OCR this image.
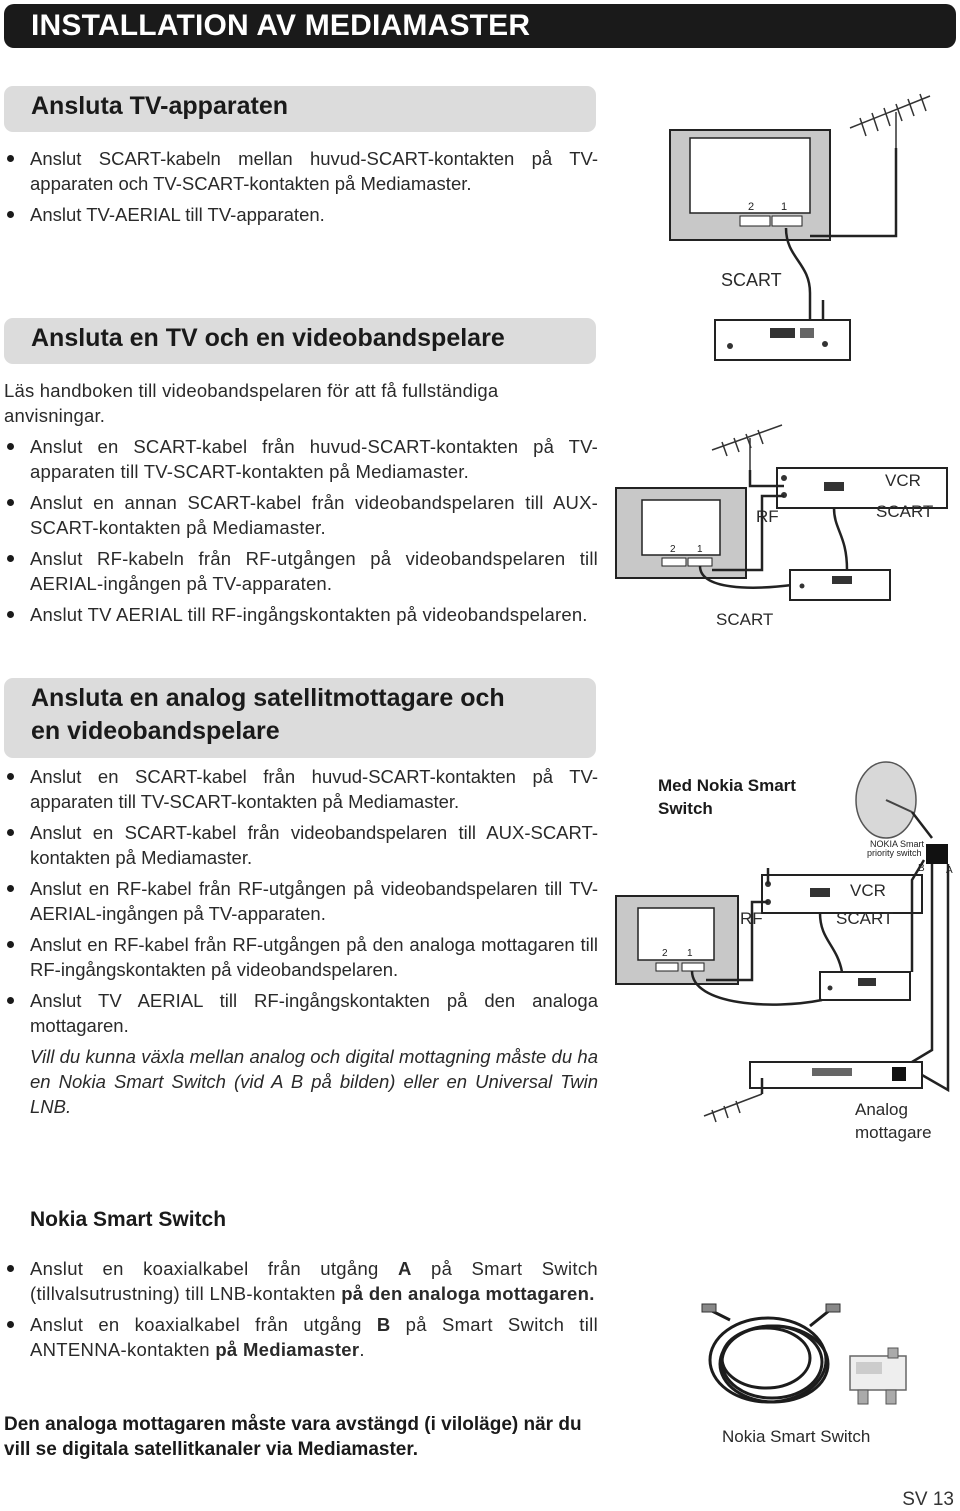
INSTALLATION AV MEDIAMASTER
Ansluta TV-apparaten
Anslut SCART-kabeln mellan huvud-SCART-kontakten på TV-apparaten och TV-SCART-kontakten på Mediamaster.
Anslut TV-AERIAL till TV-apparaten.
Ansluta en TV och en videobandspelare

Läs handboken till videobandspelaren för att få fullständiga anvisningar.

Anslut en SCART-kabel från huvud-SCART-kontakten på TV-apparaten till TV-SCART-kontakten på Mediamaster.
Anslut en annan SCART-kabel från videobandspelaren till AUX-SCART-kontakten på Mediamaster.
Anslut RF-kabeln från RF-utgången på videobandspelaren till AERIAL-ingången på TV-apparaten.
Anslut TV AERIAL till RF-ingångskontakten på videobandspelaren.
Ansluta en analog satellitmottagare och
en videobandspelare
Anslut en SCART-kabel från huvud-SCART-kontakten på TV-apparaten till TV-SCART-kontakten på Mediamaster.
Anslut en SCART-kabel från videobandspelaren till AUX-SCART-kontakten på Mediamaster.
Anslut en RF-kabel från RF-utgången på videobandspelaren till TV-AERIAL-ingången på TV-apparaten.
Anslut en RF-kabel från RF-utgången på den analoga mottagaren till RF-ingångskontakten på videobandspelaren.
Anslut TV AERIAL till RF-ingångskontakten på den analoga mottagaren.
Vill du kunna växla mellan analog och digital mottagning måste du ha en Nokia Smart Switch (vid A B på bilden) eller en Universal Twin LNB.
Nokia Smart Switch
Anslut en koaxialkabel från utgång A på Smart Switch (tillvalsutrustning) till LNB-kontakten på den analoga mottagaren.
Anslut en koaxialkabel från utgång B på Smart Switch till ANTENNA-kontakten på Mediamaster.
Den analoga mottagaren måste vara avstängd (i viloläge) när du vill se digitala satellitkanaler via Mediamaster.
2 1
SCART
2 1
RF
VCR
SCART
SCART
Med Nokia Smart
Switch
NOKIA Smart
priority switch
B A
2 1
RF
VCR
SCART
Analog
mottagare
Nokia Smart Switch
SV 13
